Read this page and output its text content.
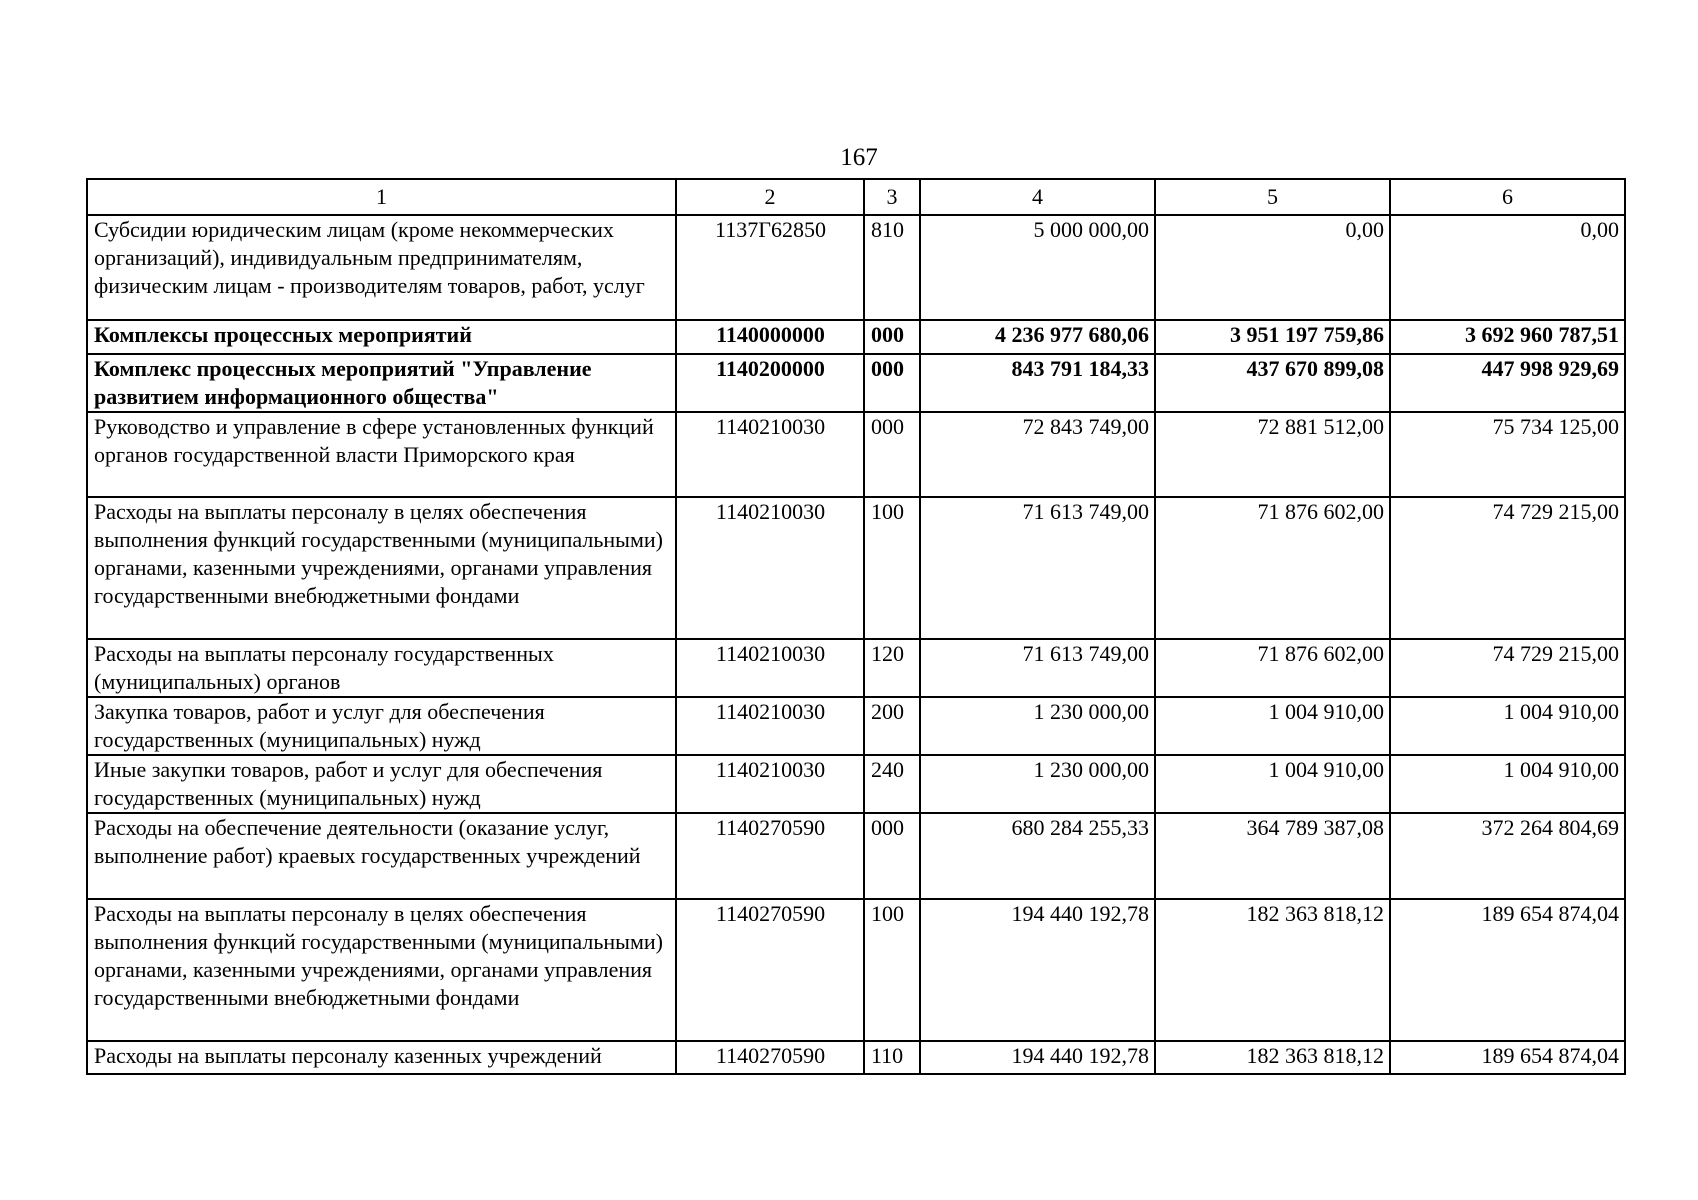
167
1	2	3	4	5	6
Субсидии юридическим лицам (кроме некоммерческих организаций), индивидуальным предпринимателям, физическим лицам - производителям товаров, работ, услуг	1137Г62850	810	5 000 000,00	0,00	0,00
Комплексы процессных мероприятий	1140000000	000	4 236 977 680,06	3 951 197 759,86	3 692 960 787,51
Комплекс процессных мероприятий "Управление развитием информационного общества"	1140200000	000	843 791 184,33	437 670 899,08	447 998 929,69
Руководство и управление в сфере установленных функций органов государственной власти Приморского края	1140210030	000	72 843 749,00	72 881 512,00	75 734 125,00
Расходы на выплаты персоналу в целях обеспечения выполнения функций государственными (муниципальными) органами, казенными учреждениями, органами управления государственными внебюджетными фондами	1140210030	100	71 613 749,00	71 876 602,00	74 729 215,00
Расходы на выплаты персоналу государственных (муниципальных) органов	1140210030	120	71 613 749,00	71 876 602,00	74 729 215,00
Закупка товаров, работ и услуг для обеспечения государственных (муниципальных) нужд	1140210030	200	1 230 000,00	1 004 910,00	1 004 910,00
Иные закупки товаров, работ и услуг для обеспечения государственных (муниципальных) нужд	1140210030	240	1 230 000,00	1 004 910,00	1 004 910,00
Расходы на обеспечение деятельности (оказание услуг, выполнение работ) краевых государственных учреждений	1140270590	000	680 284 255,33	364 789 387,08	372 264 804,69
Расходы на выплаты персоналу в целях обеспечения выполнения функций государственными (муниципальными) органами, казенными учреждениями, органами управления государственными внебюджетными фондами	1140270590	100	194 440 192,78	182 363 818,12	189 654 874,04
Расходы на выплаты персоналу казенных учреждений	1140270590	110	194 440 192,78	182 363 818,12	189 654 874,04
